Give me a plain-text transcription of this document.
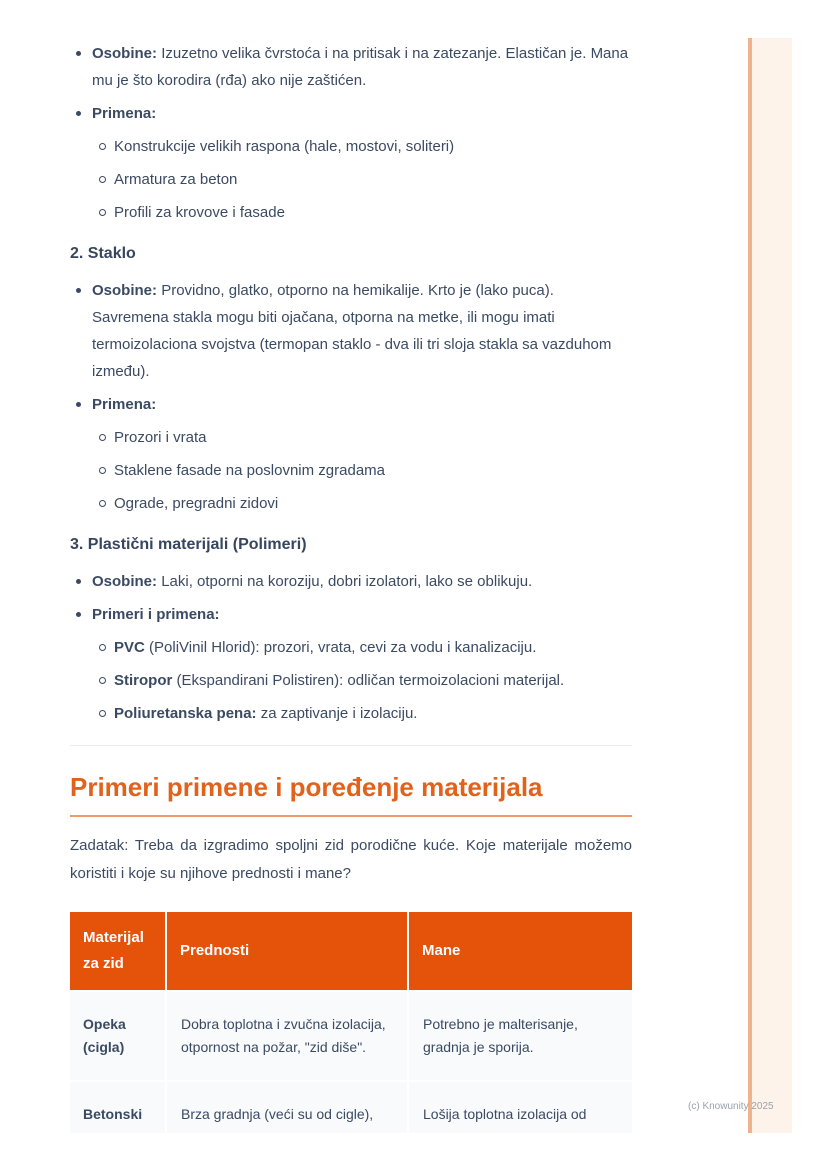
(c) Knowunity 2025
Osobine: Izuzetno velika čvrstoća i na pritisak i na zatezanje. Elastičan je. Mana mu je što korodira (rđa) ako nije zaštićen.
Primena:
Konstrukcije velikih raspona (hale, mostovi, soliteri)
Armatura za beton
Profili za krovove i fasade
2. Staklo
Osobine: Providno, glatko, otporno na hemikalije. Krto je (lako puca). Savremena stakla mogu biti ojačana, otporna na metke, ili mogu imati termoizolaciona svojstva (termopan staklo - dva ili tri sloja stakla sa vazduhom između).
Primena:
Prozori i vrata
Staklene fasade na poslovnim zgradama
Ograde, pregradni zidovi
3. Plastični materijali (Polimeri)
Osobine: Laki, otporni na koroziju, dobri izolatori, lako se oblikuju.
Primeri i primena:
PVC (PoliVinil Hlorid): prozori, vrata, cevi za vodu i kanalizaciju.
Stiropor (Ekspandirani Polistiren): odličan termoizolacioni materijal.
Poliuretanska pena: za zaptivanje i izolaciju.
Primeri primene i poređenje materijala
Zadatak: Treba da izgradimo spoljni zid porodične kuće. Koje materijale možemo koristiti i koje su njihove prednosti i mane?
Materijal za zid	Prednosti	Mane
Opeka (cigla)	Dobra toplotna i zvučna izolacija, otpornost na požar, "zid diše".	Potrebno je malterisanje, gradnja je sporija.
Betonski	Brza gradnja (veći su od cigle),	Lošija toplotna izolacija od
